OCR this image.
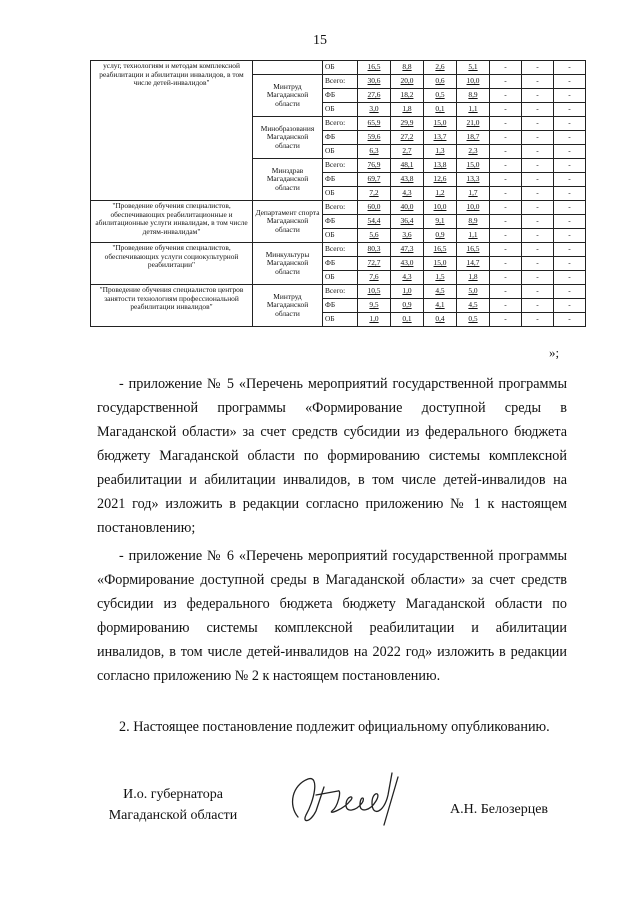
15
услуг, технологиям и методам комплексной реабилитации и абилитации инвалидов, в том числе детей-инвалидов"		ОБ	16,5	8,8	2,6	5,1	-	-	-
	Минтруд Магаданской области	Всего:	30,6	20,0	0,6	10,0	-	-	-
		ФБ	27,6	18,2	0,5	8,9	-	-	-
		ОБ	3,0	1,8	0,1	1,1	-	-	-
	Минобразования Магаданской области	Всего:	65,9	29,9	15,0	21,0	-	-	-
		ФБ	59,6	27,2	13,7	18,7	-	-	-
		ОБ	6,3	2,7	1,3	2,3	-	-	-
	Минздрав Магаданской области	Всего:	76,9	48,1	13,8	15,0	-	-	-
		ФБ	69,7	43,8	12,6	13,3	-	-	-
		ОБ	7,2	4,3	1,2	1,7	-	-	-
"Проведение обучения специалистов, обеспечивающих реабилитационные и абилитационные услуги инвалидам, в том числе детям-инвалидам"	Департамент спорта Магаданской области	Всего:	60,0	40,0	10,0	10,0	-	-	-
		ФБ	54,4	36,4	9,1	8,9	-	-	-
		ОБ	5,6	3,6	0,9	1,1	-	-	-
"Проведение обучения специалистов, обеспечивающих услуги социокультурной реабилитации"	Минкультуры Магаданской области	Всего:	80,3	47,3	16,5	16,5	-	-	-
		ФБ	72,7	43,0	15,0	14,7	-	-	-
		ОБ	7,6	4,3	1,5	1,8	-	-	-
"Проведение обучения специалистов центров занятости технологиям профессиональной реабилитации инвалидов"	Минтруд Магаданской области	Всего:	10,5	1,0	4,5	5,0	-	-	-
		ФБ	9,5	0,9	4,1	4,5	-	-	-
		ОБ	1,0	0,1	0,4	0,5	-	-	-
»;

- приложение № 5 «Перечень мероприятий государственной программы государственной программы «Формирование доступной среды в Магаданской области» за счет средств субсидии из федерального бюджета бюджету Магаданской области по формированию системы комплексной реабилитации и абилитации инвалидов, в том числе детей-инвалидов на 2021 год» изложить в редакции согласно приложению № 1 к настоящем постановлению;

- приложение № 6 «Перечень мероприятий государственной программы «Формирование доступной среды в Магаданской области» за счет средств субсидии из федерального бюджета бюджету Магаданской области по формированию системы комплексной реабилитации и абилитации инвалидов, в том числе детей-инвалидов на 2022 год» изложить в редакции согласно приложению № 2 к настоящем постановлению.

2. Настоящее постановление подлежит официальному опубликованию.

И.о. губернатора
Магаданской области	А.Н. Белозерцев
